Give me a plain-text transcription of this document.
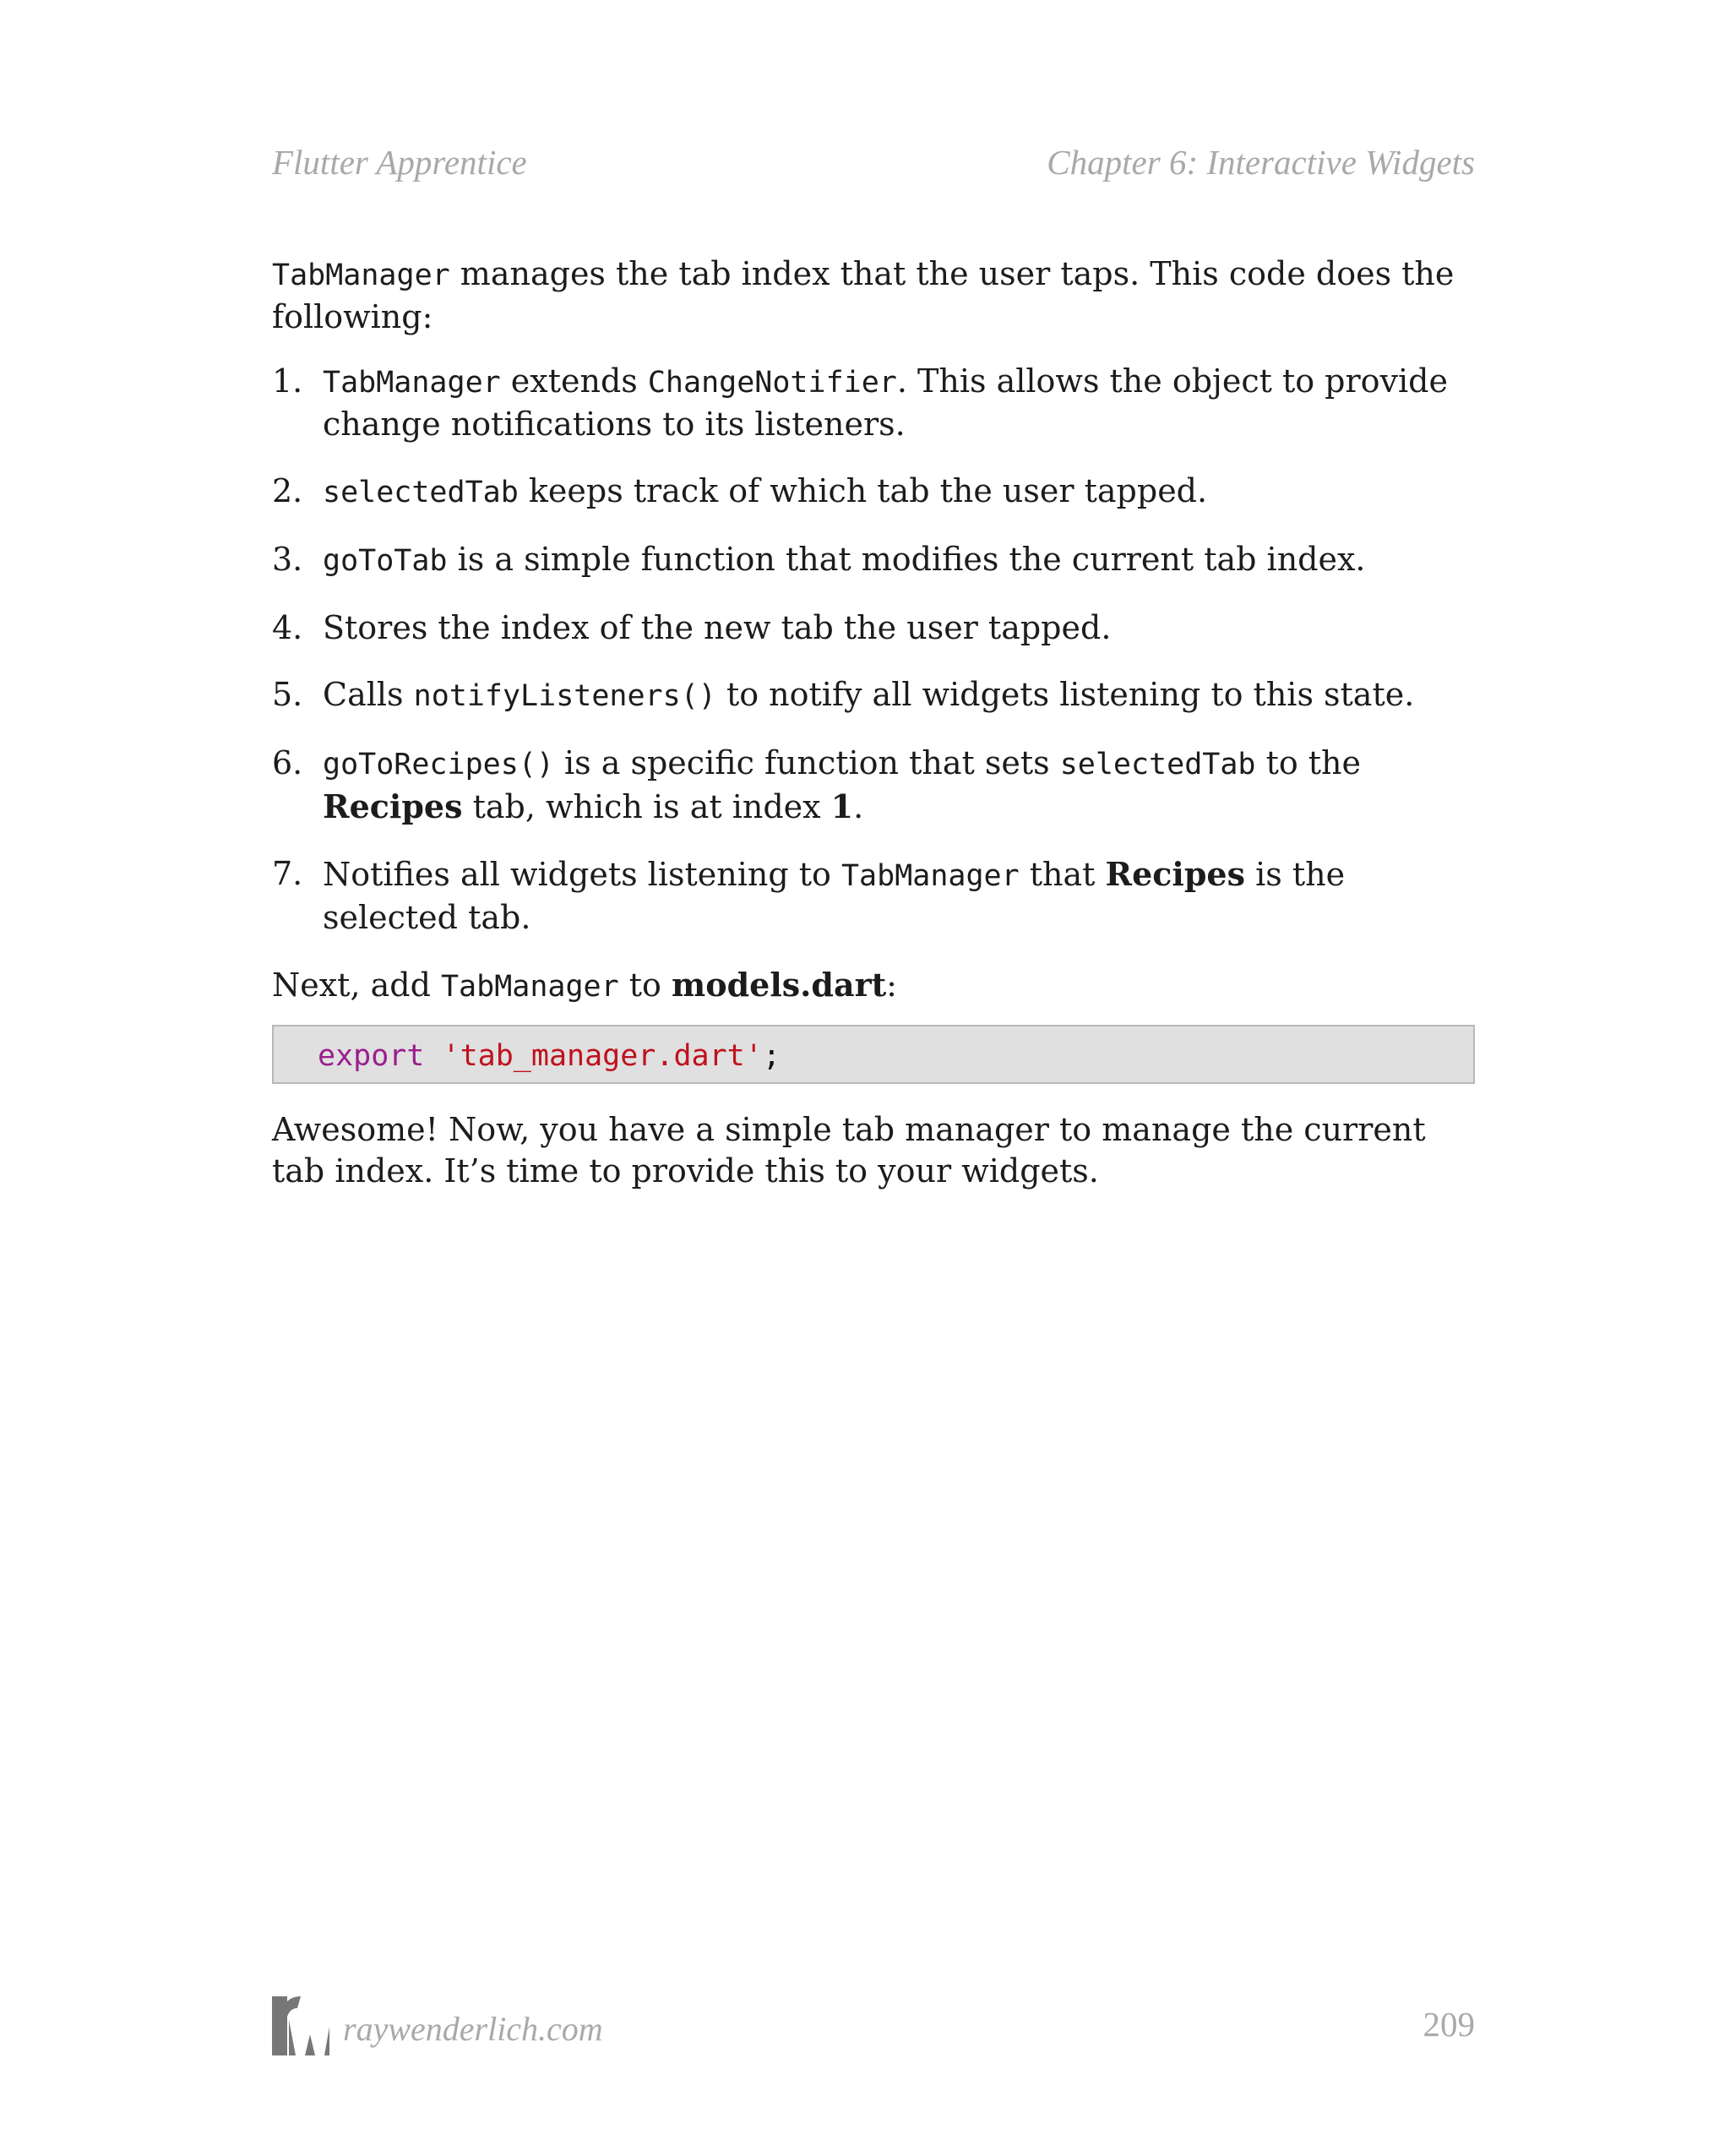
Flutter Apprentice	Chapter 6: Interactive Widgets

TabManager manages the tab index that the user taps. This code does the following:

1. TabManager extends ChangeNotifier. This allows the object to provide change notifications to its listeners.
2. selectedTab keeps track of which tab the user tapped.
3. goToTab is a simple function that modifies the current tab index.
4. Stores the index of the new tab the user tapped.
5. Calls notifyListeners() to notify all widgets listening to this state.
6. goToRecipes() is a specific function that sets selectedTab to the Recipes tab, which is at index 1.
7. Notifies all widgets listening to TabManager that Recipes is the selected tab.

Next, add TabManager to models.dart:

export 'tab_manager.dart';

Awesome! Now, you have a simple tab manager to manage the current tab index. It’s time to provide this to your widgets.

raywenderlich.com	209
